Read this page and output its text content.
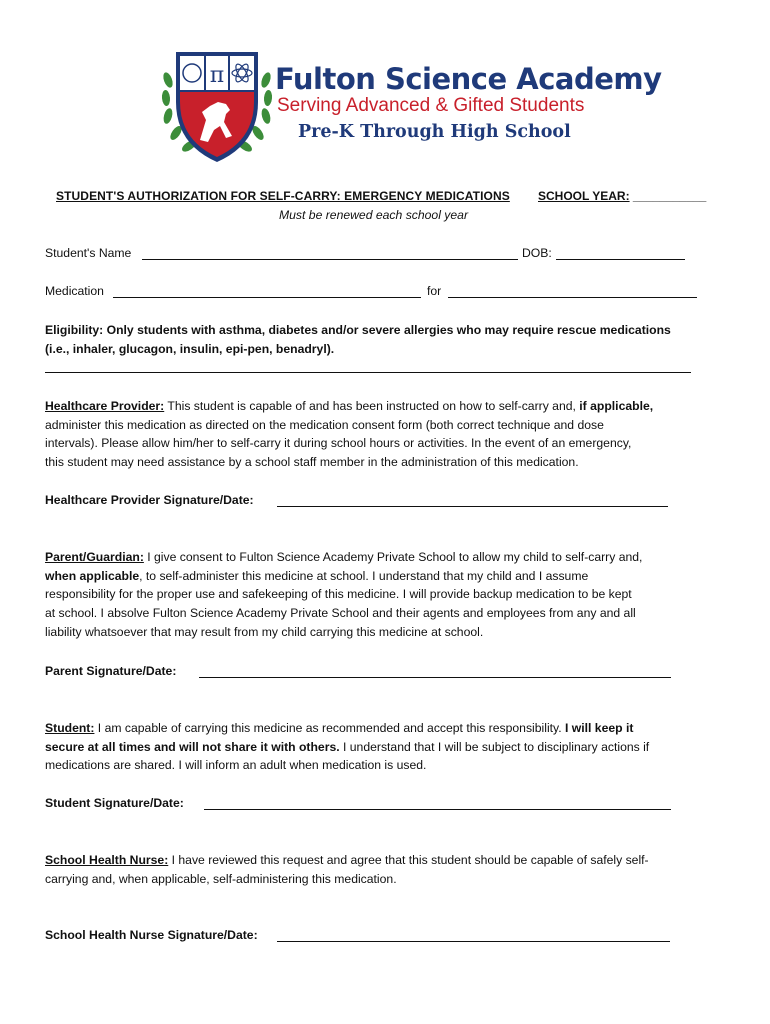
π Fulton Science Academy
Serving Advanced & Gifted Students
Pre-K Through High School
STUDENT'S AUTHORIZATION FOR SELF-CARRY: EMERGENCY MEDICATIONS SCHOOL YEAR: ___________
Must be renewed each school year
Student's Name	DOB:
Medication	for
Eligibility: Only students with asthma, diabetes and/or severe allergies who may require rescue medications
(i.e., inhaler, glucagon, insulin, epi-pen, benadryl).
Healthcare Provider: This student is capable of and has been instructed on how to self-carry and, if applicable,
administer this medication as directed on the medication consent form (both correct technique and dose
intervals). Please allow him/her to self-carry it during school hours or activities. In the event of an emergency,
this student may need assistance by a school staff member in the administration of this medication.
Healthcare Provider Signature/Date:
Parent/Guardian: I give consent to Fulton Science Academy Private School to allow my child to self-carry and,
when applicable, to self-administer this medicine at school. I understand that my child and I assume
responsibility for the proper use and safekeeping of this medicine. I will provide backup medication to be kept
at school. I absolve Fulton Science Academy Private School and their agents and employees from any and all
liability whatsoever that may result from my child carrying this medicine at school.
Parent Signature/Date:
Student: I am capable of carrying this medicine as recommended and accept this responsibility. I will keep it
secure at all times and will not share it with others. I understand that I will be subject to disciplinary actions if
medications are shared. I will inform an adult when medication is used.
Student Signature/Date:
School Health Nurse: I have reviewed this request and agree that this student should be capable of safely self-
carrying and, when applicable, self-administering this medication.
School Health Nurse Signature/Date:
